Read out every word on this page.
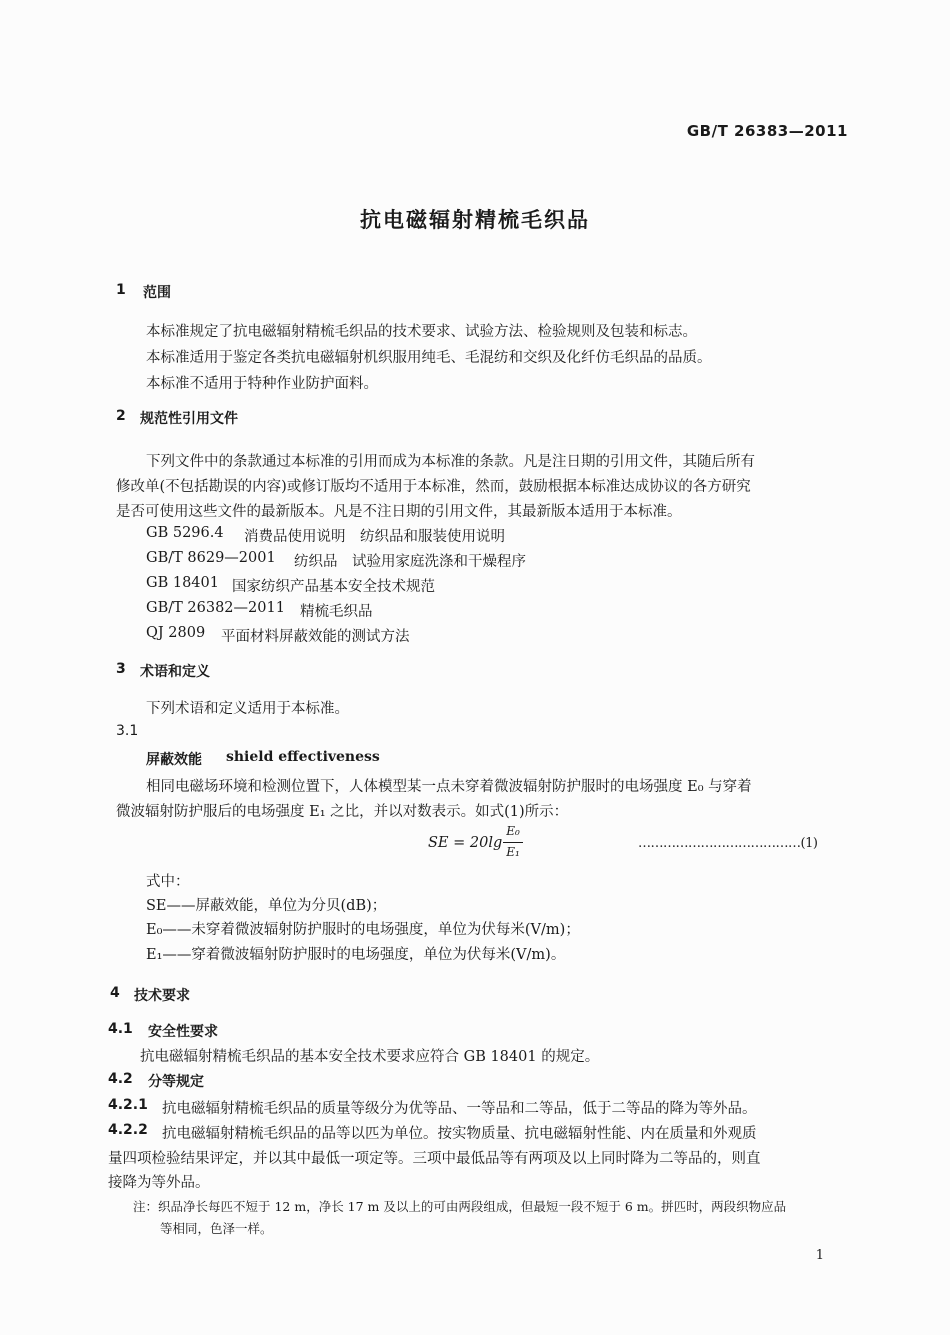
GB/T 26383—2011
抗电磁辐射精梳毛织品
1 范围
本标准规定了抗电磁辐射精梳毛织品的技术要求、试验方法、检验规则及包装和标志。
本标准适用于鉴定各类抗电磁辐射机织服用纯毛、毛混纺和交织及化纤仿毛织品的品质。
本标准不适用于特种作业防护面料。
2 规范性引用文件
下列文件中的条款通过本标准的引用而成为本标准的条款。凡是注日期的引用文件，其随后所有
修改单(不包括勘误的内容)或修订版均不适用于本标准，然而，鼓励根据本标准达成协议的各方研究
是否可使用这些文件的最新版本。凡是不注日期的引用文件，其最新版本适用于本标准。
GB 5296.4 消费品使用说明　纺织品和服装使用说明
GB/T 8629—2001 纺织品　试验用家庭洗涤和干燥程序
GB 18401 国家纺织产品基本安全技术规范
GB/T 26382—2011 精梳毛织品
QJ 2809 平面材料屏蔽效能的测试方法
3 术语和定义
下列术语和定义适用于本标准。
3.1
屏蔽效能 shield effectiveness
相同电磁场环境和检测位置下，人体模型某一点未穿着微波辐射防护服时的电场强度 E₀ 与穿着
微波辐射防护服后的电场强度 E₁ 之比，并以对数表示。如式(1)所示：
SE = 20lg
E₀
E₁
…………………………………(1)
式中：
SE——屏蔽效能，单位为分贝(dB)；
E₀——未穿着微波辐射防护服时的电场强度，单位为伏每米(V/m)；
E₁——穿着微波辐射防护服时的电场强度，单位为伏每米(V/m)。
4 技术要求
4.1 安全性要求
抗电磁辐射精梳毛织品的基本安全技术要求应符合 GB 18401 的规定。
4.2 分等规定
4.2.1 抗电磁辐射精梳毛织品的质量等级分为优等品、一等品和二等品，低于二等品的降为等外品。
4.2.2 抗电磁辐射精梳毛织品的品等以匹为单位。按实物质量、抗电磁辐射性能、内在质量和外观质
量四项检验结果评定，并以其中最低一项定等。三项中最低品等有两项及以上同时降为二等品的，则直
接降为等外品。
注：织品净长每匹不短于 12 m，净长 17 m 及以上的可由两段组成，但最短一段不短于 6 m。拼匹时，两段织物应品
等相同，色泽一样。
1
